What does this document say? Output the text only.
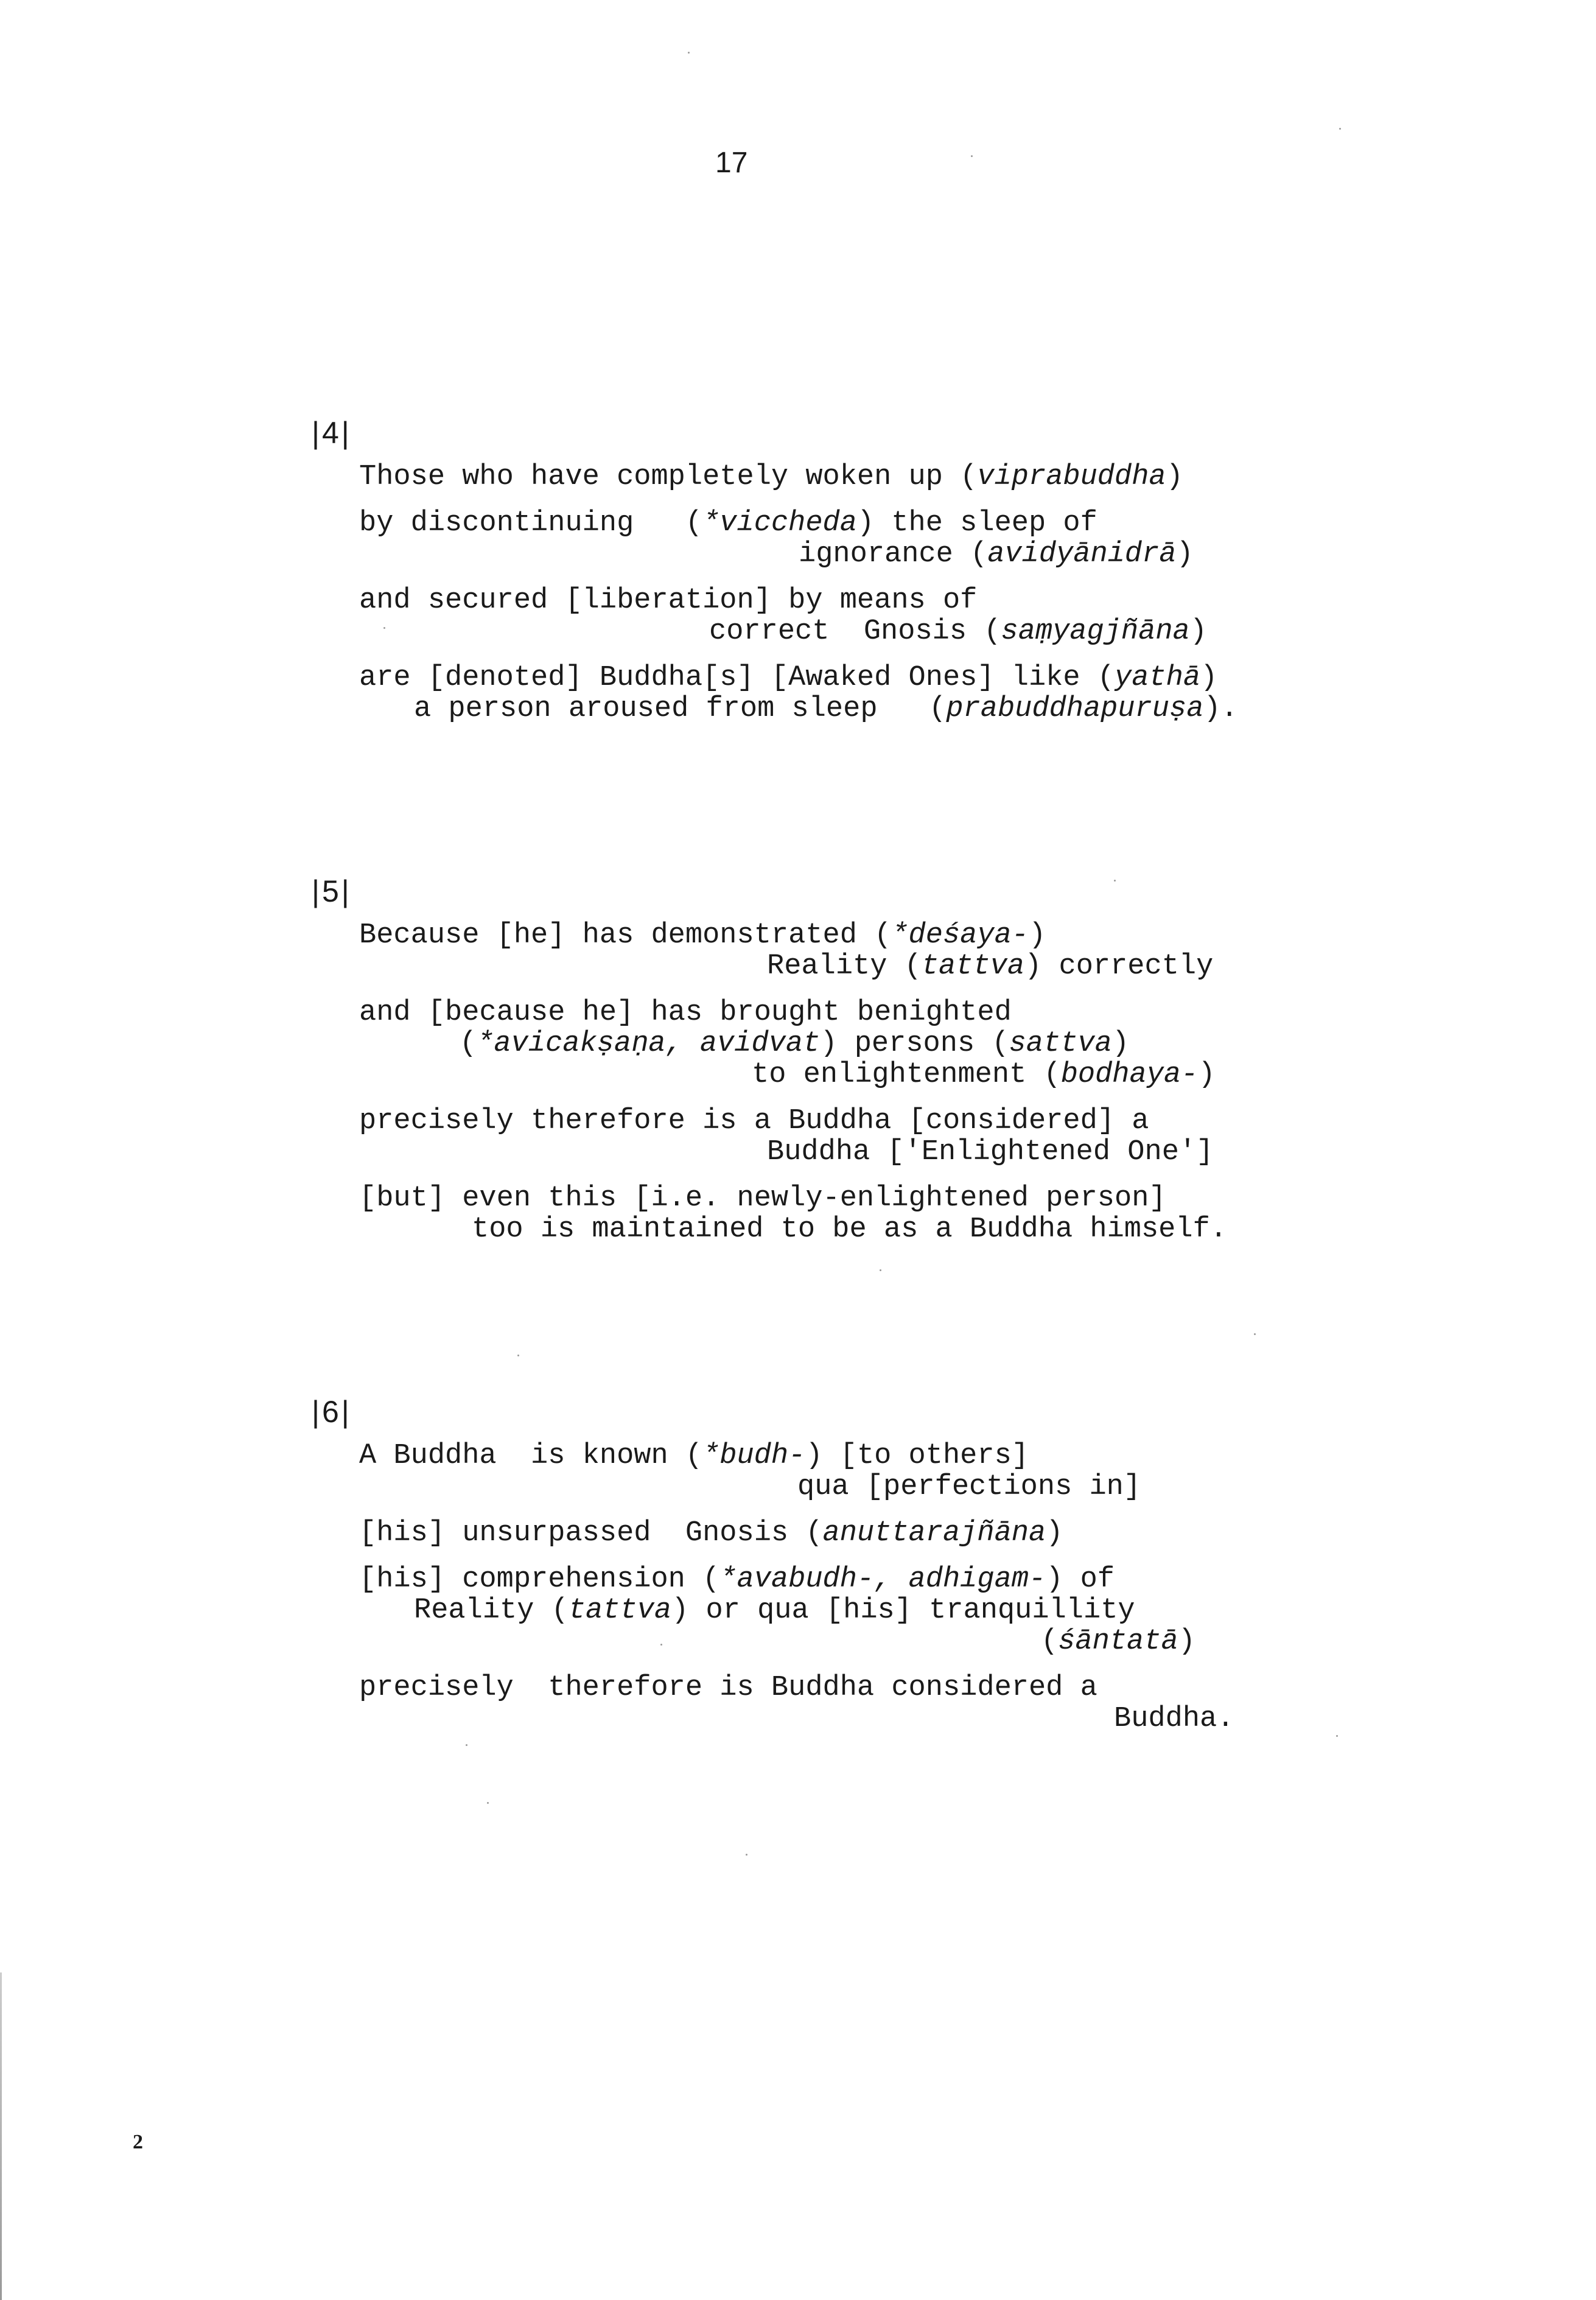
17
|4|
Those who have completely woken up (viprabuddha)
by discontinuing   (*viccheda) the sleep of
ignorance (avidyānidrā)
and secured [liberation] by means of
correct  Gnosis (saṃyagjñāna)
are [denoted] Buddha[s] [Awaked Ones] like (yathā)
a person aroused from sleep   (prabuddhapuruṣa).
|5|
Because [he] has demonstrated (*deśaya-)
Reality (tattva) correctly
and [because he] has brought benighted
(*avicakṣaṇa, avidvat) persons (sattva)
to enlightenment (bodhaya-)
precisely therefore is a Buddha [considered] a
Buddha ['Enlightened One']
[but] even this [i.e. newly-enlightened person]
too is maintained to be as a Buddha himself.
|6|
A Buddha  is known (*budh-) [to others]
qua [perfections in]
[his] unsurpassed  Gnosis (anuttarajñāna)
[his] comprehension (*avabudh-, adhigam-) of
Reality (tattva) or qua [his] tranquillity
(śāntatā)
precisely  therefore is Buddha considered a
Buddha.
2
